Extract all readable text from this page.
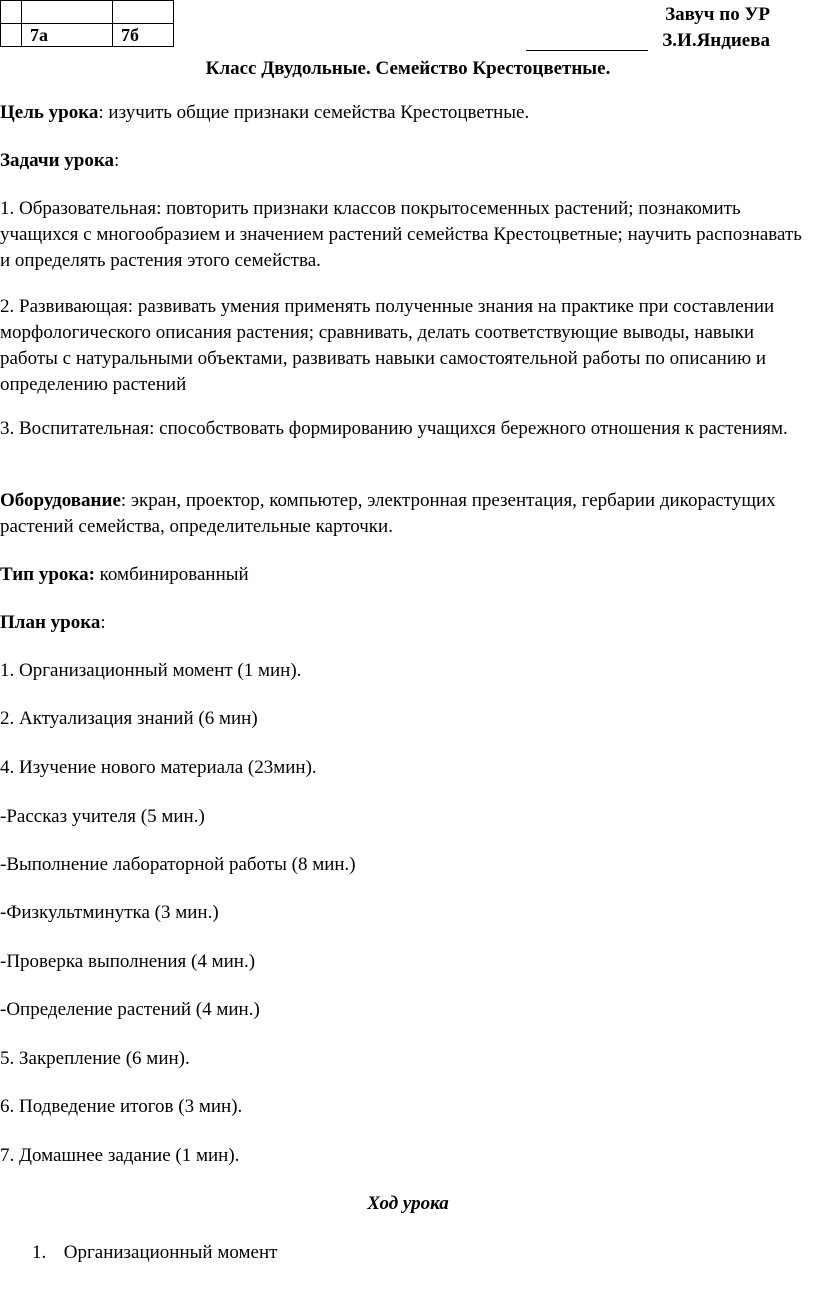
	7а	7б
Завуч по УР
З.И.Яндиева
Класс Двудольные. Семейство Крестоцветные.
Цель урока: изучить общие признаки семейства Крестоцветные.
Задачи урока:
1. Образовательная: повторить признаки классов покрытосеменных растений; познакомить учащихся с многообразием и значением растений семейства Крестоцветные; научить распознавать и определять растения этого семейства.
2. Развивающая: развивать умения применять полученные знания на практике при составлении морфологического описания растения; сравнивать, делать соответствующие выводы, навыки работы с натуральными объектами, развивать навыки самостоятельной работы по описанию и определению растений
3. Воспитательная: способствовать формированию учащихся бережного отношения к растениям.
Оборудование: экран, проектор, компьютер, электронная презентация, гербарии дикорастущих растений семейства, определительные карточки.
Тип урока: комбинированный
План урока:
1. Организационный момент (1 мин).
2. Актуализация знаний (6 мин)
4. Изучение нового материала (23мин).
-Рассказ учителя (5 мин.)
-Выполнение лабораторной работы (8 мин.)
-Физкультминутка (3 мин.)
-Проверка выполнения (4 мин.)
-Определение растений (4 мин.)
5. Закрепление (6 мин).
6. Подведение итогов (3 мин).
7. Домашнее задание (1 мин).
Ход урока
1. Организационный момент
